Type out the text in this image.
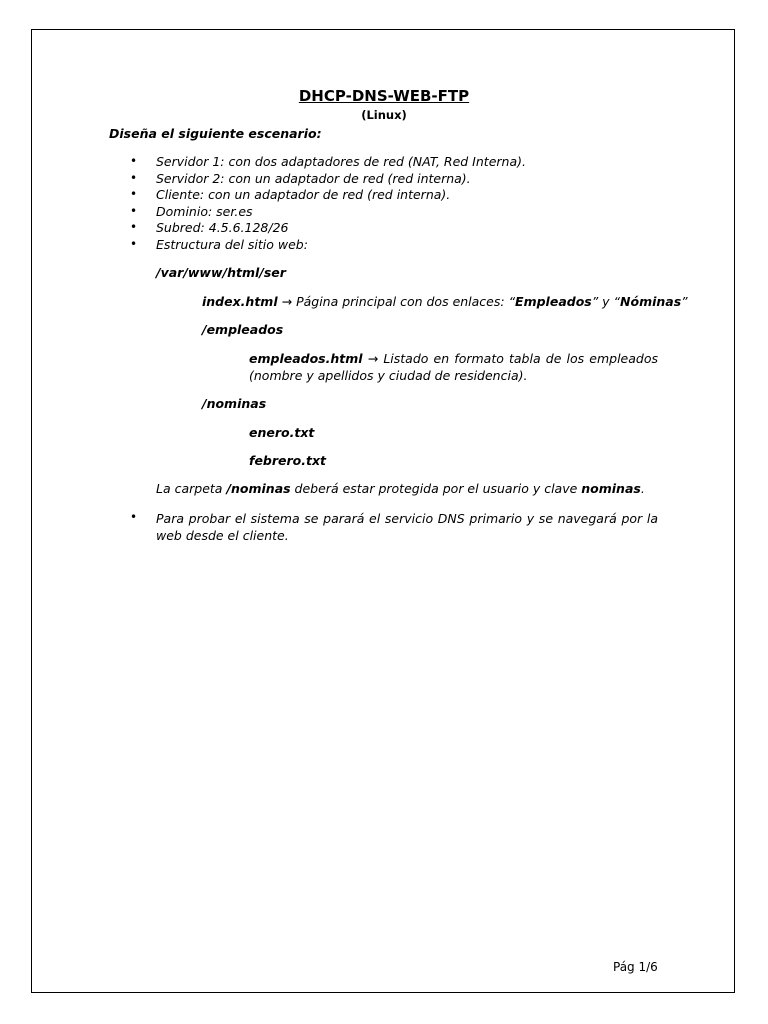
DHCP-DNS-WEB-FTP
(Linux)
Diseña el siguiente escenario:
• Servidor 1: con dos adaptadores de red (NAT, Red Interna).
• Servidor 2: con un adaptador de red (red interna).
• Cliente: con un adaptador de red (red interna).
• Dominio: ser.es
• Subred: 4.5.6.128/26
• Estructura del sitio web:
/var/www/html/ser
index.html → Página principal con dos enlaces: “Empleados” y “Nóminas”
/empleados
empleados.html → Listado en formato tabla de los empleados (nombre y apellidos y ciudad de residencia).
/nominas
enero.txt
febrero.txt
La carpeta /nominas deberá estar protegida por el usuario y clave nominas.
• Para probar el sistema se parará el servicio DNS primario y se navegará por la web desde el cliente.
Pág 1/6
